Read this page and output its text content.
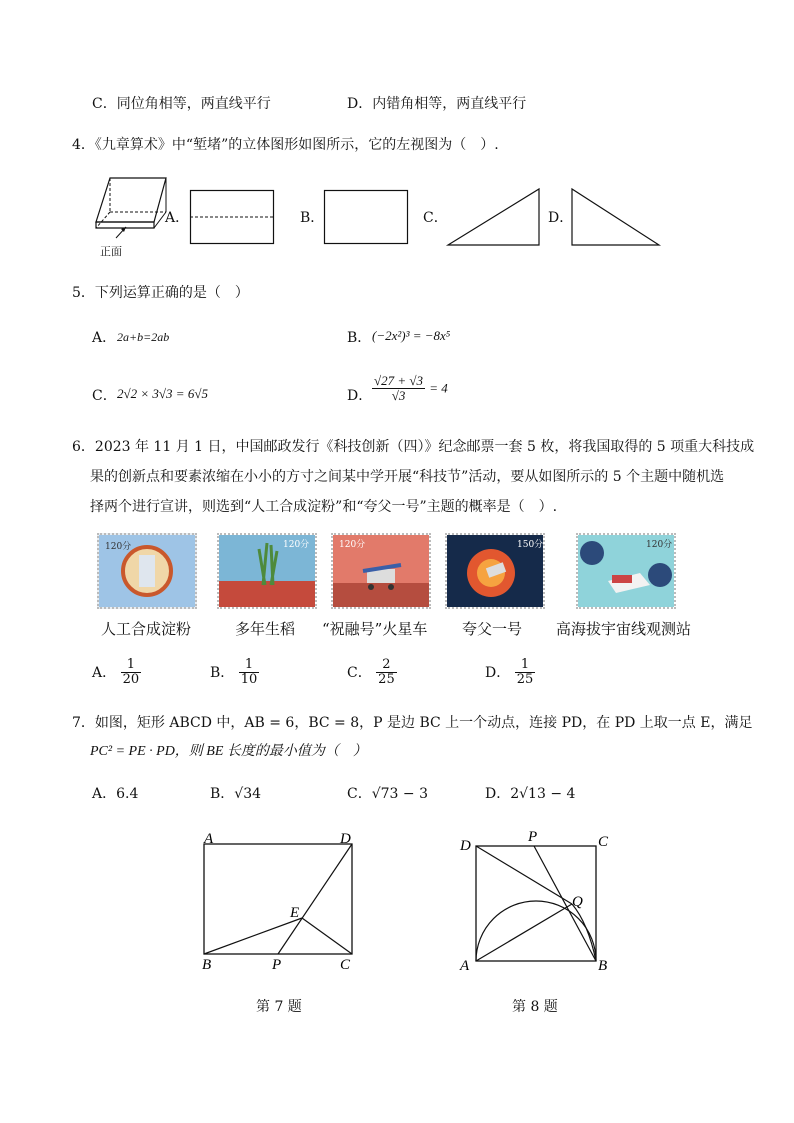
C．同位角相等，两直线平行	D．内错角相等，两直线平行
4．《九章算术》中“堑堵”的立体图形如图所示，它的左视图为（　）.
正面
A．	B．	C．	D．
5．下列运算正确的是（　）
A． 2a+b=2ab	B． (−2x²)³ = −8x⁵
C． 2√2 × 3√3 = 6√5	D． $\frac{√27 + √3}{√3} = 4$
6．2023 年 11 月 1 日，中国邮政发行《科技创新（四）》纪念邮票一套 5 枚，将我国取得的 5 项重大科技成
果的创新点和要素浓缩在小小的方寸之间某中学开展“科技节”活动，要从如图所示的 5 个主题中随机选
择两个进行宣讲，则选到“人工合成淀粉”和“夸父一号”主题的概率是（　）.
120分	120分	120分	150分	120分
人工合成淀粉	多年生稻 “祝融号”火星车 夸父一号 高海拔宇宙线观测站
A． $\frac{1}{20}$	B． $\frac{1}{10}$	C． $\frac{2}{25}$	D． $\frac{1}{25}$
7．如图，矩形 ABCD 中，AB = 6，BC = 8，P 是边 BC 上一个动点，连接 PD，在 PD 上取一点 E，满足
PC² = PE · PD，则 BE 长度的最小值为（　）
A．6.4	B．√34	C．√73 − 3	D．2√13 − 4
A	D
B	P	C
E
第 7 题
D
P	C
Q
A	B
第 8 题
